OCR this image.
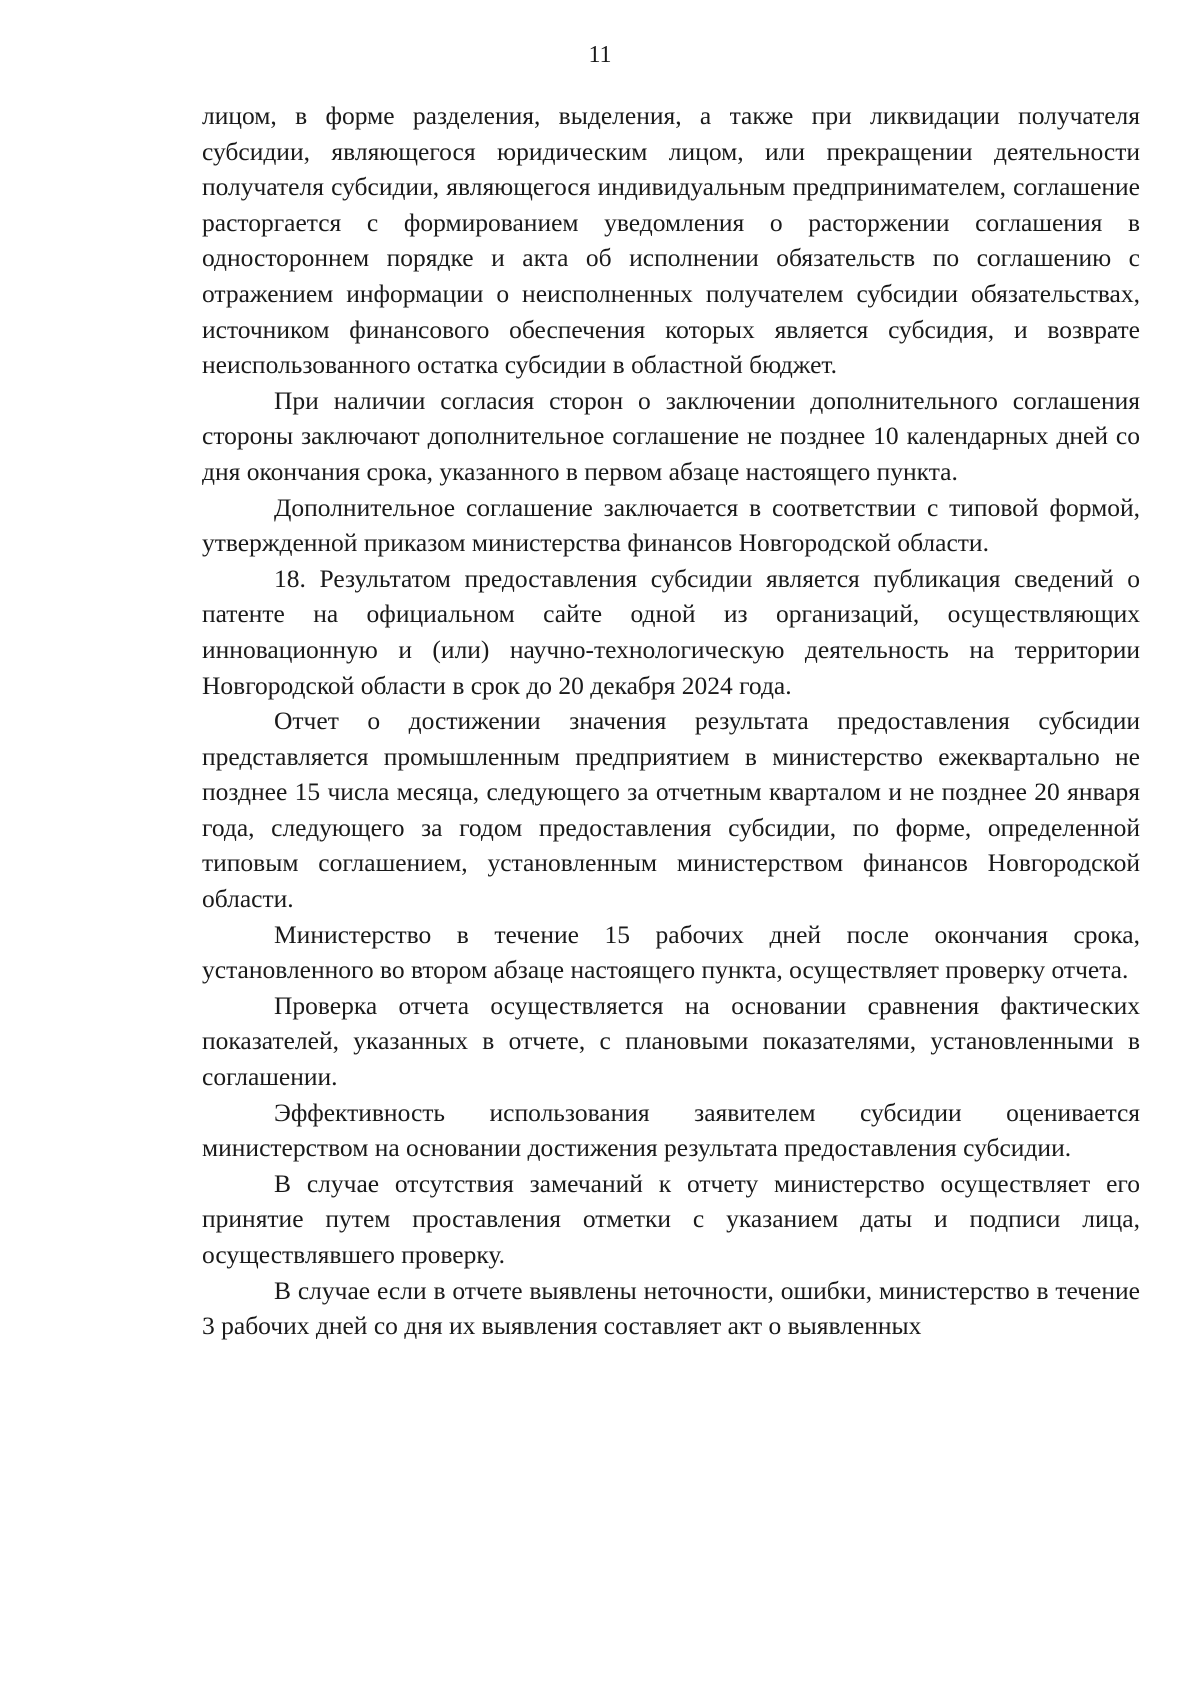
11

лицом, в форме разделения, выделения, а также при ликвидации получателя субсидии, являющегося юридическим лицом, или прекращении деятельности получателя субсидии, являющегося индивидуальным предпринимателем, соглашение расторгается с формированием уведомления о расторжении соглашения в одностороннем порядке и акта об исполнении обязательств по соглашению с отражением информации о неисполненных получателем субсидии обязательствах, источником финансового обеспечения которых является субсидия, и возврате неиспользованного остатка субсидии в областной бюджет.

При наличии согласия сторон о заключении дополнительного соглашения стороны заключают дополнительное соглашение не позднее 10 календарных дней со дня окончания срока, указанного в первом абзаце настоящего пункта.

Дополнительное соглашение заключается в соответствии с типовой формой, утвержденной приказом министерства финансов Новгородской области.

18. Результатом предоставления субсидии является публикация сведений о патенте на официальном сайте одной из организаций, осуществляющих инновационную и (или) научно-технологическую деятельность на территории Новгородской области в срок до 20 декабря 2024 года.

Отчет о достижении значения результата предоставления субсидии представляется промышленным предприятием в министерство ежеквартально не позднее 15 числа месяца, следующего за отчетным кварталом и не позднее 20 января года, следующего за годом предоставления субсидии, по форме, определенной типовым соглашением, установленным министерством финансов Новгородской области.

Министерство в течение 15 рабочих дней после окончания срока, установленного во втором абзаце настоящего пункта, осуществляет проверку отчета.

Проверка отчета осуществляется на основании сравнения фактических показателей, указанных в отчете, с плановыми показателями, установленными в соглашении.

Эффективность использования заявителем субсидии оценивается министерством на основании достижения результата предоставления субсидии.

В случае отсутствия замечаний к отчету министерство осуществляет его принятие путем проставления отметки с указанием даты и подписи лица, осуществлявшего проверку.

В случае если в отчете выявлены неточности, ошибки, министерство в течение 3 рабочих дней со дня их выявления составляет акт о выявленных
